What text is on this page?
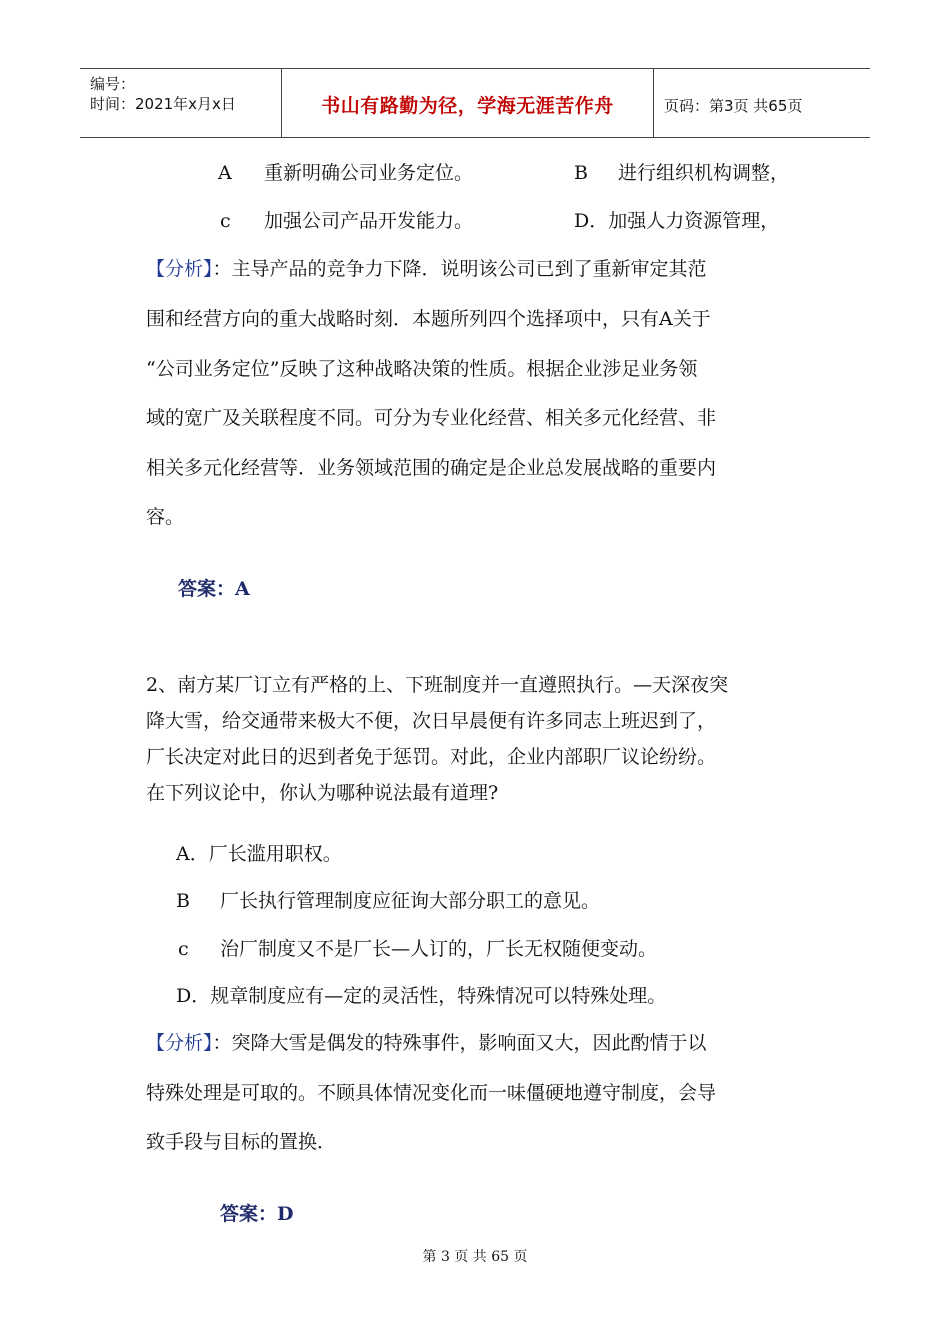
编号：
时间：2021年x月x日	书山有路勤为径，学海无涯苦作舟	页码：第3页 共65页
A 重新明确公司业务定位。	B 进行组织机构调整，
c 加强公司产品开发能力。	D．加强人力资源管理，
【分析】：主导产品的竞争力下降．说明该公司已到了重新审定其范
围和经营方向的重大战略时刻．本题所列四个选择项中，只有A关于
“公司业务定位”反映了这种战略决策的性质。根据企业涉足业务领
域的宽广及关联程度不同。可分为专业化经营、相关多元化经营、非
相关多元化经营等．业务领域范围的确定是企业总发展战略的重要内
容。
答案：A
2、南方某厂订立有严格的上、下班制度并一直遵照执行。—天深夜突
降大雪，给交通带来极大不便，次日早晨便有许多同志上班迟到了，
厂长决定对此日的迟到者免于惩罚。对此，企业内部职厂议论纷纷。
在下列议论中，你认为哪种说法最有道理?
A．厂长滥用职权。
B 厂长执行管理制度应征询大部分职工的意见。
c 治厂制度又不是厂长—人订的，厂长无权随便变动。
D．规章制度应有—定的灵活性，特殊情况可以特殊处理。
【分析】：突降大雪是偶发的特殊事件，影响面又大，因此酌情于以
特殊处理是可取的。不顾具体情况变化而一味僵硬地遵守制度，会导
致手段与目标的置换．
答案：D
第 3 页 共 65 页
